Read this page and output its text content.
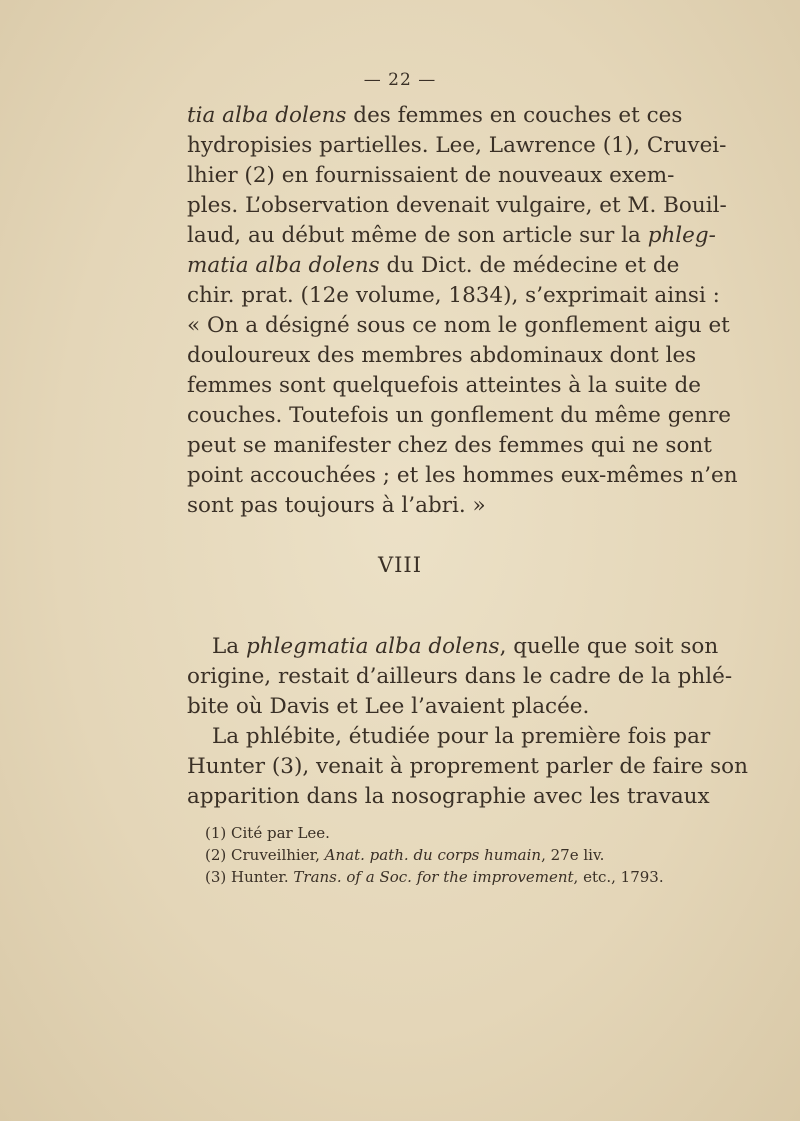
— 22 —
tia alba dolens des femmes en couches et ces
hydropisies partielles. Lee, Lawrence (1), Cruvei-
lhier (2) en fournissaient de nouveaux exem-
ples. L’observation devenait vulgaire, et M. Bouil-
laud, au début même de son article sur la phleg-
matia alba dolens du Dict. de médecine et de
chir. prat. (12e volume, 1834), s’exprimait ainsi :
« On a désigné sous ce nom le gonflement aigu et
douloureux des membres abdominaux dont les
femmes sont quelquefois atteintes à la suite de
couches. Toutefois un gonflement du même genre
peut se manifester chez des femmes qui ne sont
point accouchées ; et les hommes eux-mêmes n’en
sont pas toujours à l’abri. »
VIII
La phlegmatia alba dolens, quelle que soit son
origine, restait d’ailleurs dans le cadre de la phlé-
bite où Davis et Lee l’avaient placée.
La phlébite, étudiée pour la première fois par
Hunter (3), venait à proprement parler de faire son
apparition dans la nosographie avec les travaux
(1) Cité par Lee.
(2) Cruveilhier, Anat. path. du corps humain, 27e liv.
(3) Hunter. Trans. of a Soc. for the improvement, etc., 1793.
